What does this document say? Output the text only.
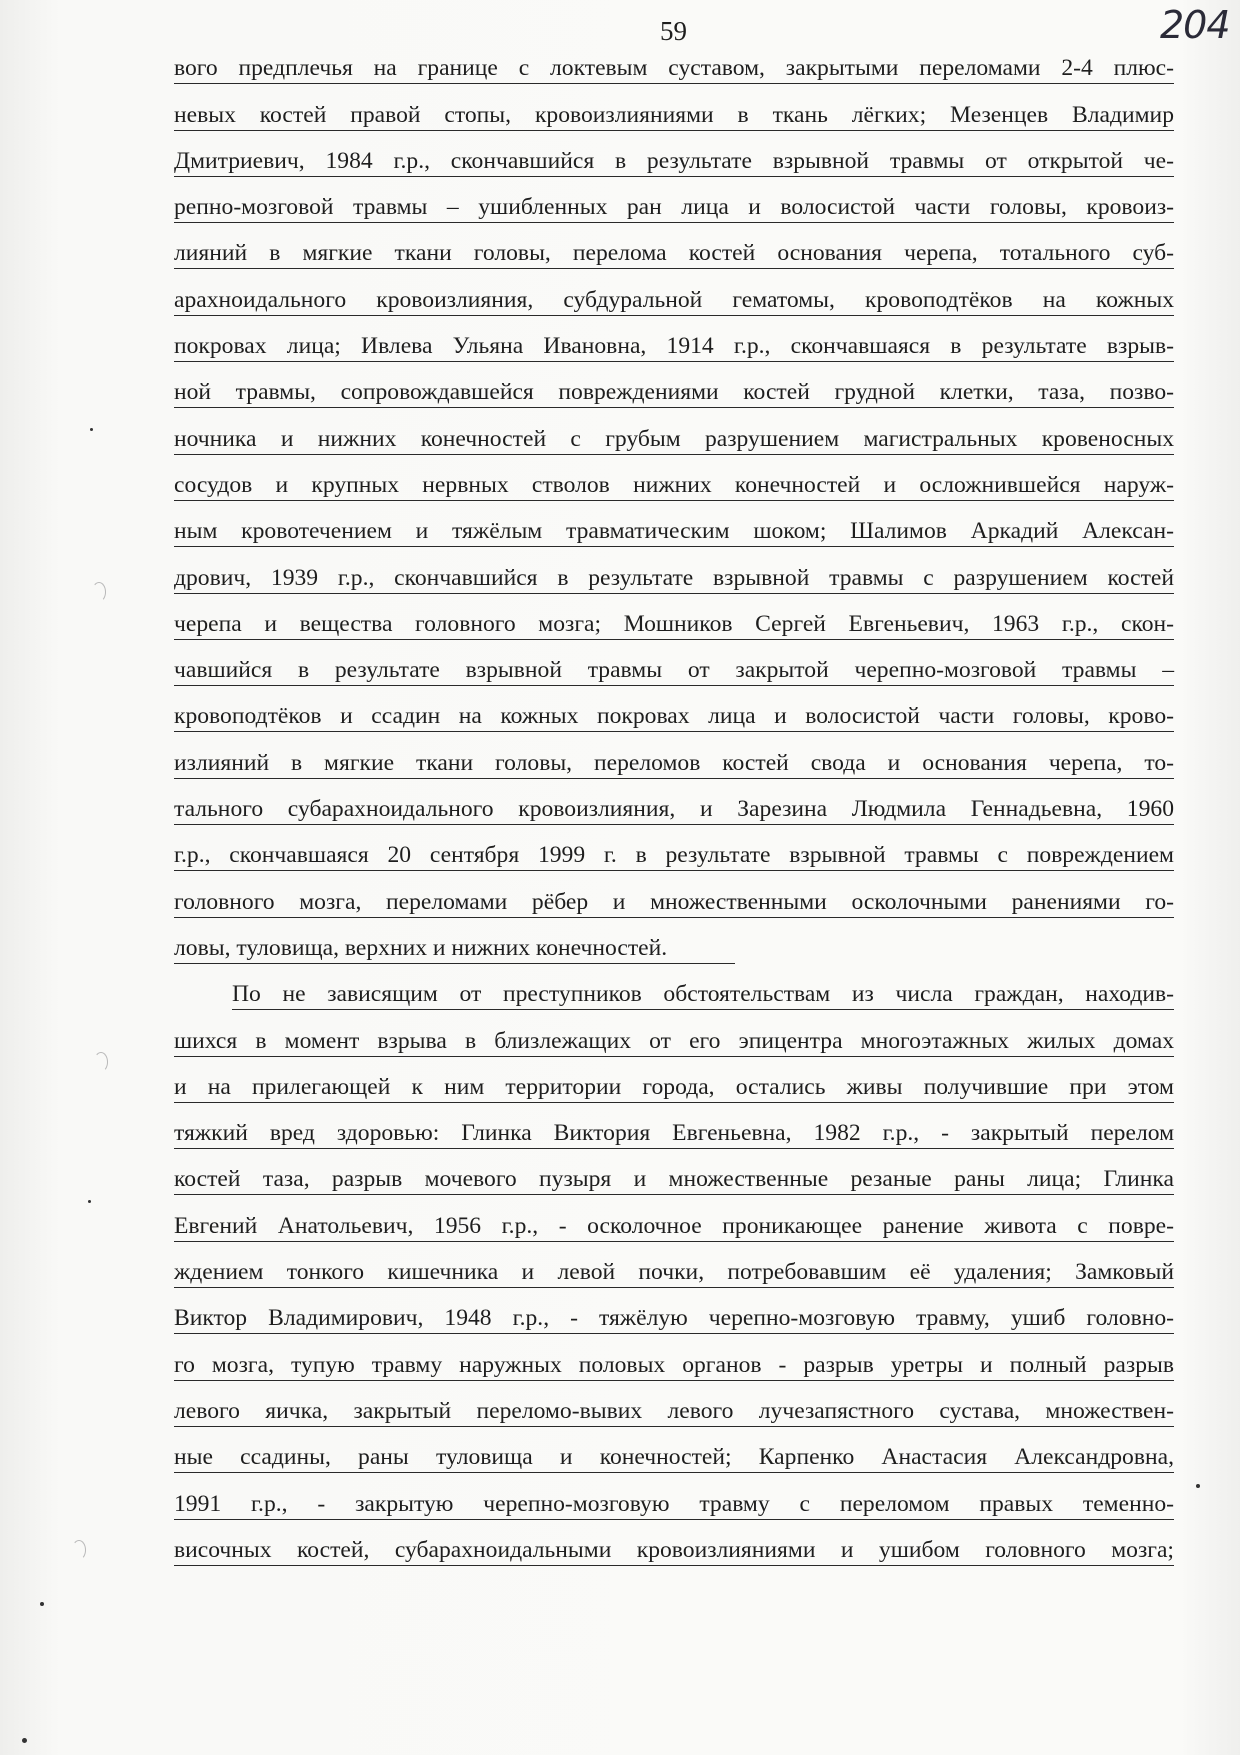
59	204
вого предплечья на границе с локтевым суставом, закрытыми переломами 2-4 плюс-
невых костей правой стопы, кровоизлияниями в ткань лёгких; Мезенцев Владимир
Дмитриевич, 1984 г.р., скончавшийся в результате взрывной травмы от открытой че-
репно-мозговой травмы – ушибленных ран лица и волосистой части головы, кровоиз-
лияний в мягкие ткани головы, перелома костей основания черепа, тотального суб-
арахноидального кровоизлияния, субдуральной гематомы, кровоподтёков на кожных
покровах лица; Ивлева Ульяна Ивановна, 1914 г.р., скончавшаяся в результате взрыв-
ной травмы, сопровождавшейся повреждениями костей грудной клетки, таза, позво-
ночника и нижних конечностей с грубым разрушением магистральных кровеносных
сосудов и крупных нервных стволов нижних конечностей и осложнившейся наруж-
ным кровотечением и тяжёлым травматическим шоком; Шалимов Аркадий Алексан-
дрович, 1939 г.р., скончавшийся в результате взрывной травмы с разрушением костей
черепа и вещества головного мозга; Мошников Сергей Евгеньевич, 1963 г.р., скон-
чавшийся в результате взрывной травмы от закрытой черепно-мозговой травмы –
кровоподтёков и ссадин на кожных покровах лица и волосистой части головы, крово-
излияний в мягкие ткани головы, переломов костей свода и основания черепа, то-
тального субарахноидального кровоизлияния, и Зарезина Людмила Геннадьевна, 1960
г.р., скончавшаяся 20 сентября 1999 г. в результате взрывной травмы с повреждением
головного мозга, переломами рёбер и множественными осколочными ранениями го-
ловы, туловища, верхних и нижних конечностей.
По не зависящим от преступников обстоятельствам из числа граждан, находив-
шихся в момент взрыва в близлежащих от его эпицентра многоэтажных жилых домах
и на прилегающей к ним территории города, остались живы получившие при этом
тяжкий вред здоровью: Глинка Виктория Евгеньевна, 1982 г.р., - закрытый перелом
костей таза, разрыв мочевого пузыря и множественные резаные раны лица; Глинка
Евгений Анатольевич, 1956 г.р., - осколочное проникающее ранение живота с повре-
ждением тонкого кишечника и левой почки, потребовавшим её удаления; Замковый
Виктор Владимирович, 1948 г.р., - тяжёлую черепно-мозговую травму, ушиб головно-
го мозга, тупую травму наружных половых органов - разрыв уретры и полный разрыв
левого яичка, закрытый переломо-вывих левого лучезапястного сустава, множествен-
ные ссадины, раны туловища и конечностей; Карпенко Анастасия Александровна,
1991 г.р., - закрытую черепно-мозговую травму с переломом правых теменно-
височных костей, субарахноидальными кровоизлияниями и ушибом головного мозга;
